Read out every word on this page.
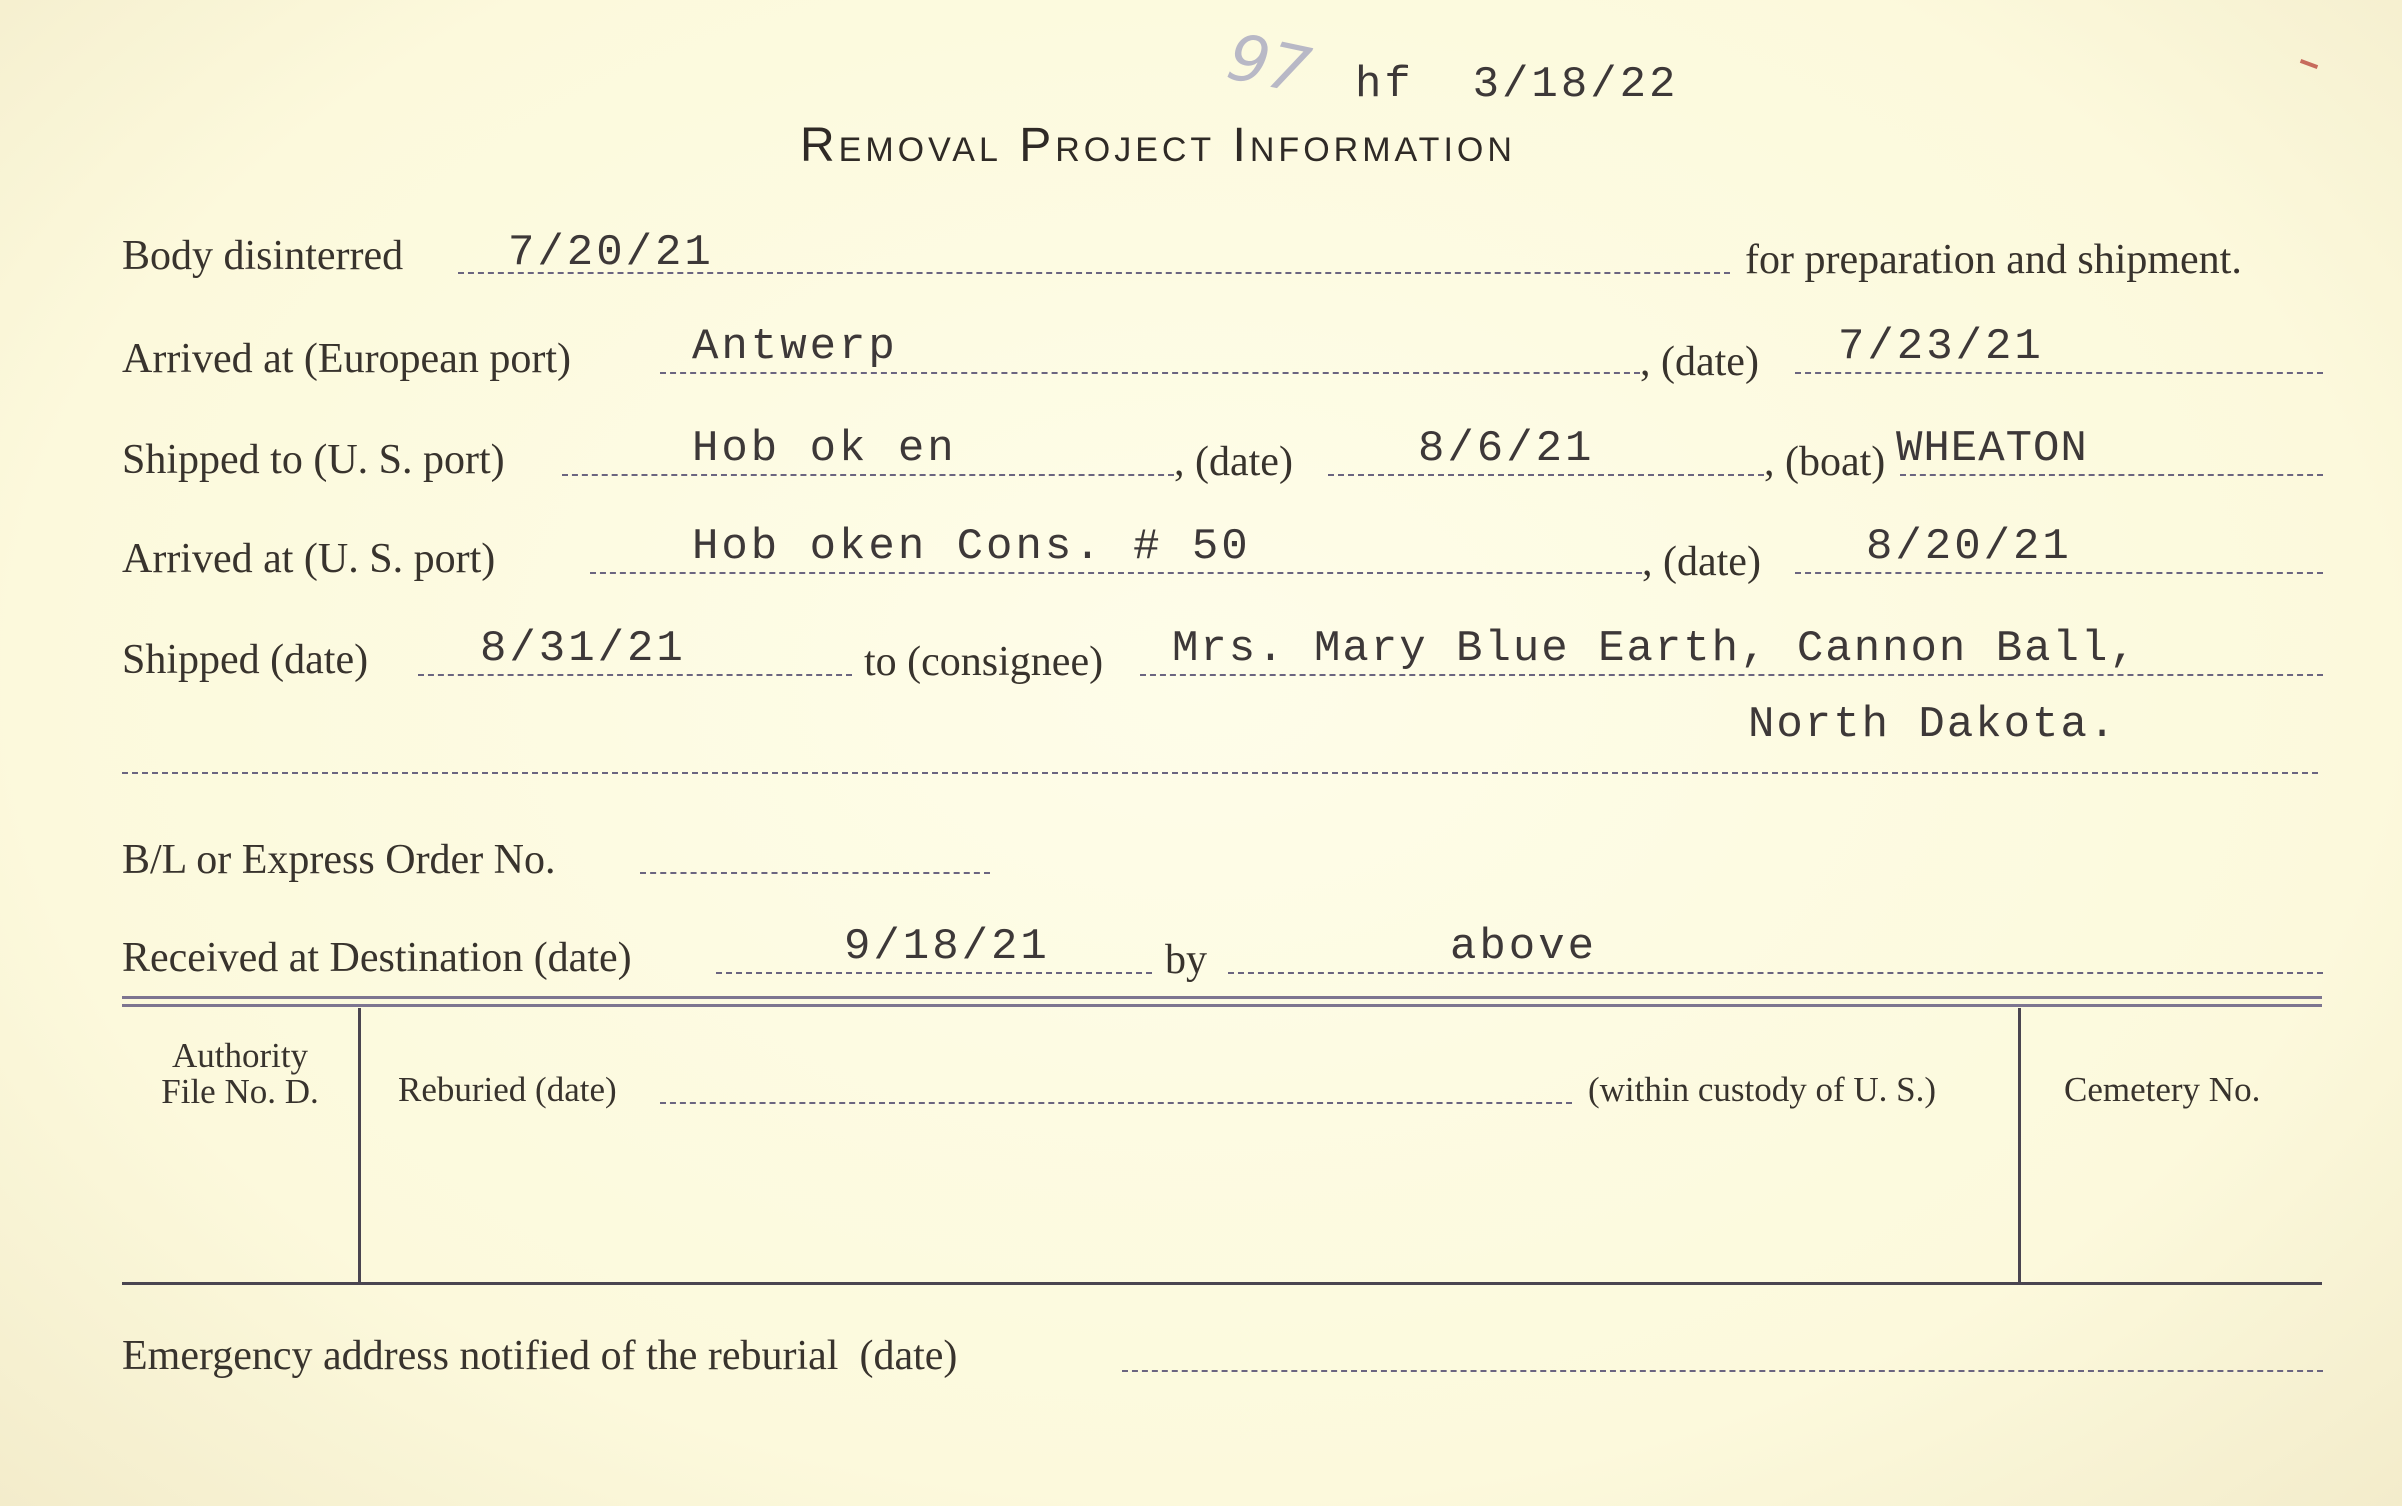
97 hf  3/18/22
Removal Project Information
Body disinterred 7/20/21	for preparation and shipment.
Arrived at (European port)	Antwerp	, (date) 7/23/21
Shipped to (U. S. port)	Hob ok en	, (date)	8/6/21	, (boat) WHEATON
Arrived at (U. S. port)	Hob oken Cons. # 50	, (date) 8/20/21
Shipped (date)	8/31/21	to (consignee) Mrs. Mary Blue Earth, Cannon Ball,
North Dakota.
B/L or Express Order No.
Received at Destination (date)	9/18/21	by	above
Authority
File No. D.	Reburied (date)	(within custody of U. S.)	Cemetery No.
Emergency address notified of the reburial  (date)
